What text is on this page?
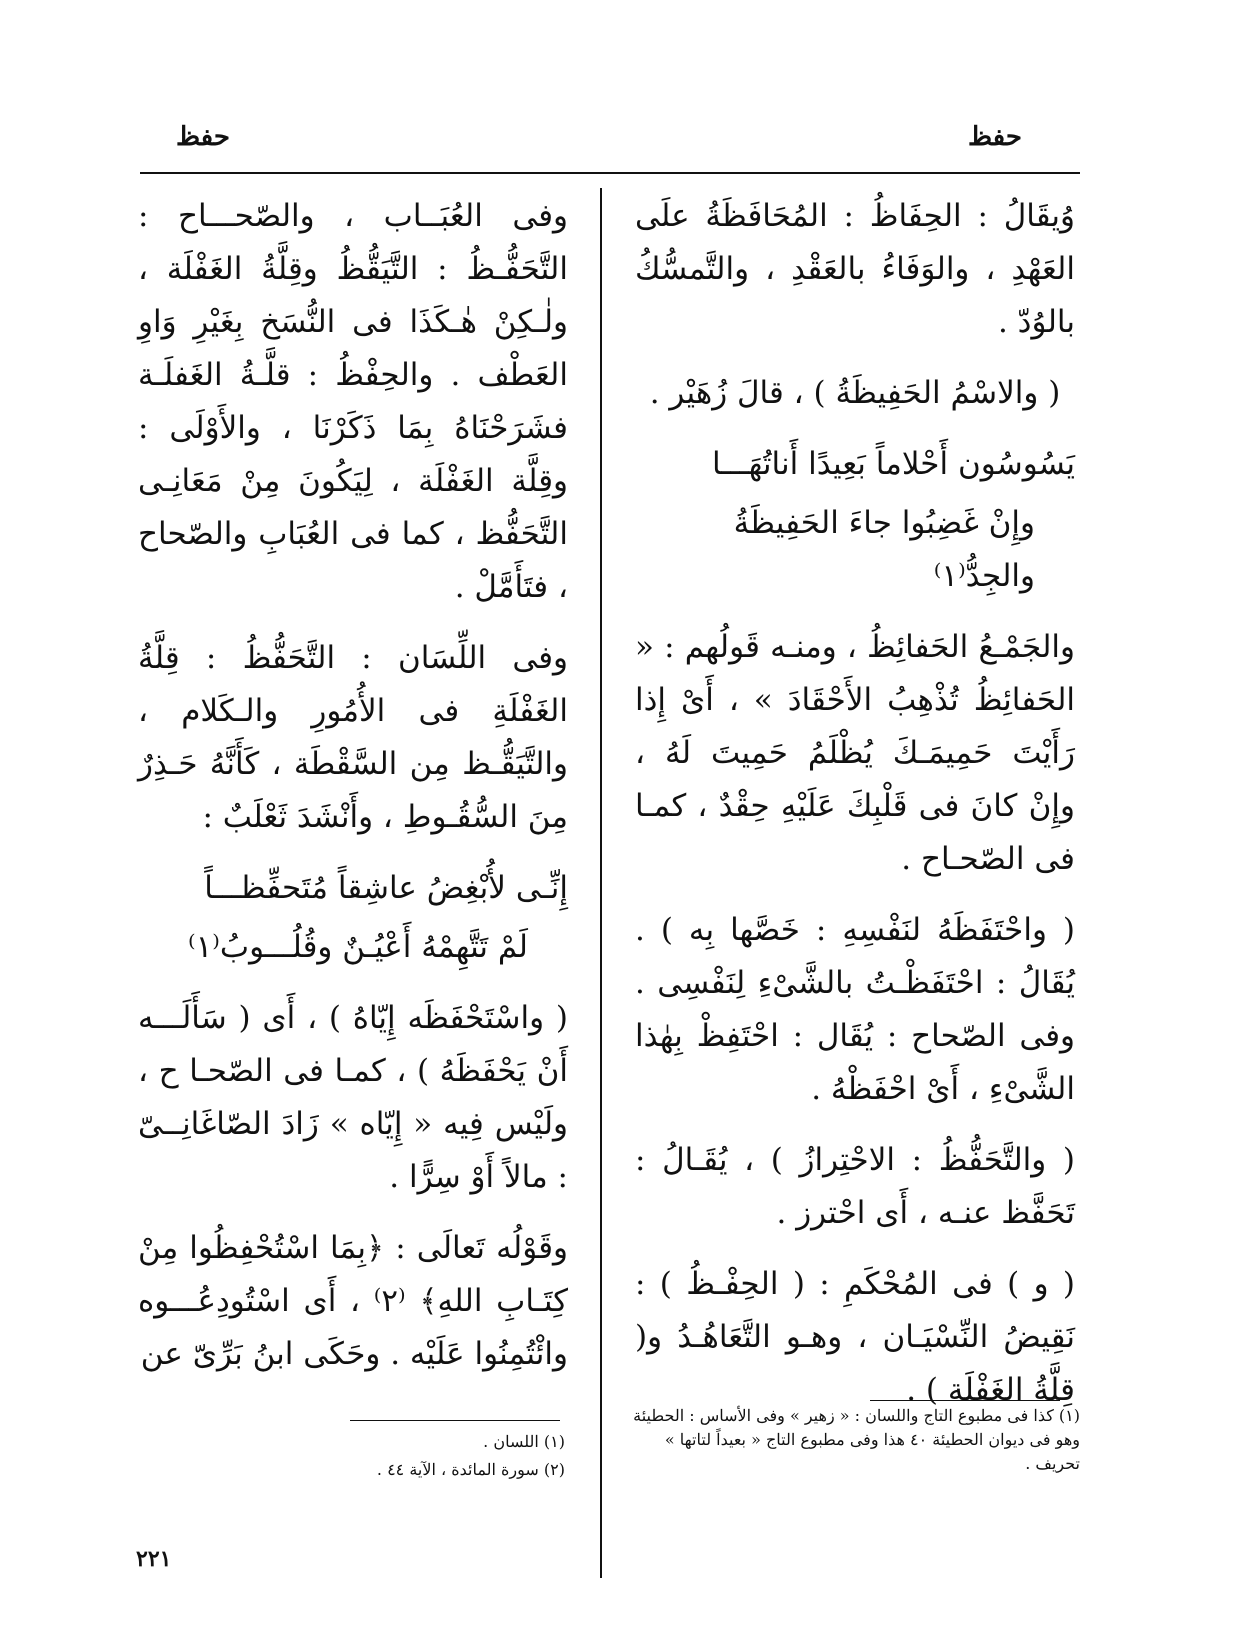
حفظ
حفظ

وُيقَالُ : الحِفَاظُ : المُحَافَظَةُ علَى العَهْدِ ، والوَفَاءُ بالعَقْدِ ، والتَّمسُّكُ بالوُدّ .

( والاسْمُ الحَفِيظَةُ ) ، قالَ زُهَيْر .

يَسُوسُون أَحْلاماً بَعِيدًا أَناتُهَـــا

وإِنْ غَضِبُوا جاءَ الحَفِيظَةُ والجِدُّ⁽١⁾

والجَمْـعُ الحَفائِظُ ، ومنـه قَولُهم : « الحَفائِظُ تُذْهِبُ الأَحْقَادَ » ، أَىْ إِذا رَأَيْتَ حَمِيمَـكَ يُظْلَمُ حَمِيتَ لَهُ ، وإِنْ كانَ فى قَلْبِكَ عَلَيْهِ حِقْدٌ ، كمـا فى الصّحـاح .

( واحْتَفَظَهُ لنَفْسِهِ : خَصَّها بِه ) . يُقَالُ : احْتَفَظْـتُ بالشَّىْءِ لِنَفْسِى . وفى الصّحاح : يُقَال : احْتَفِظْ بِهٰذا الشَّىْءِ ، أَىْ احْفَظْهُ .

( والتَّحَفُّظُ : الاحْتِرازُ ) ، يُقَـالُ : تَحَفَّظ عنـه ، أَى احْترز .

( و ) فى المُحْكَمِ : ( الحِفْـظُ ) : نَقِيضُ النِّسْيَـان ، وهـو التَّعَاهُـدُ و( قِلَّةُ الغَفْلَة ) .

وفى العُبَــاب ، والصّحـــاح : التَّحَفُّـظُ : التَّيَقُّظُ وقِلَّةُ الغَفْلَة ، ولٰـكِنْ هٰـكَذَا فى النُّسَخ بِغَيْرِ وَاوِ العَطْف . والحِفْظُ : قلَّـةُ الغَفلَـة فشَرَحْنَاهُ بِمَا ذَكَرْنَا ، والأَوْلَى : وقِلَّة الغَفْلَة ، لِيَكُونَ مِنْ مَعَانِـى التَّحَفُّظ ، كما فى العُبَابِ والصّحاح ، فتَأَمَّلْ .

وفى اللِّسَان : التَّحَفُّظُ : قِلَّةُ الغَفْلَةِ فى الأُمُورِ والـكَلام ، والتَّيَقُّـظ مِن السَّقْطَة ، كَأَنَّهُ حَـذِرٌ مِنَ السُّقُـوطِ ، وأَنْشَدَ ثَعْلَبٌ :

إِنِّـى لأُبْغِضُ عاشِقاً مُتَحفِّظـــاً

لَمْ تَتَّهِمْهُ أَعْيُـنٌ وقُلُـــوبُ⁽١⁾

( واسْتَحْفَظَه إِيّاهُ ) ، أَى ( سَأَلَـــه أَنْ يَحْفَظَهُ ) ، كمـا فى الصّحـا ح ، ولَيْس فِيه « إِيّاه » زَادَ الصّاغَانِــىّ : مالاً أَوْ سِرًّا .

وقَوْلُه تَعالَى : ﴿بِمَا اسْتُحْفِظُوا مِنْ كِتَـابِ اللهِ﴾ ⁽٢⁾ ، أَى اسْتُودِعُـــوه وائْتُمِنُوا عَلَيْه . وحَكَى ابنُ بَرِّىّ عن

(١) كذا فى مطبوع التاج واللسان : « زهير » وفى الأساس : الحطيئة وهو فى ديوان الحطيئة ٤٠ هذا وفى مطبوع التاج « بعيداً لتاتها » تحريف .

(١) اللسان .

(٢) سورة المائدة ، الآية ٤٤ .

٢٢١
